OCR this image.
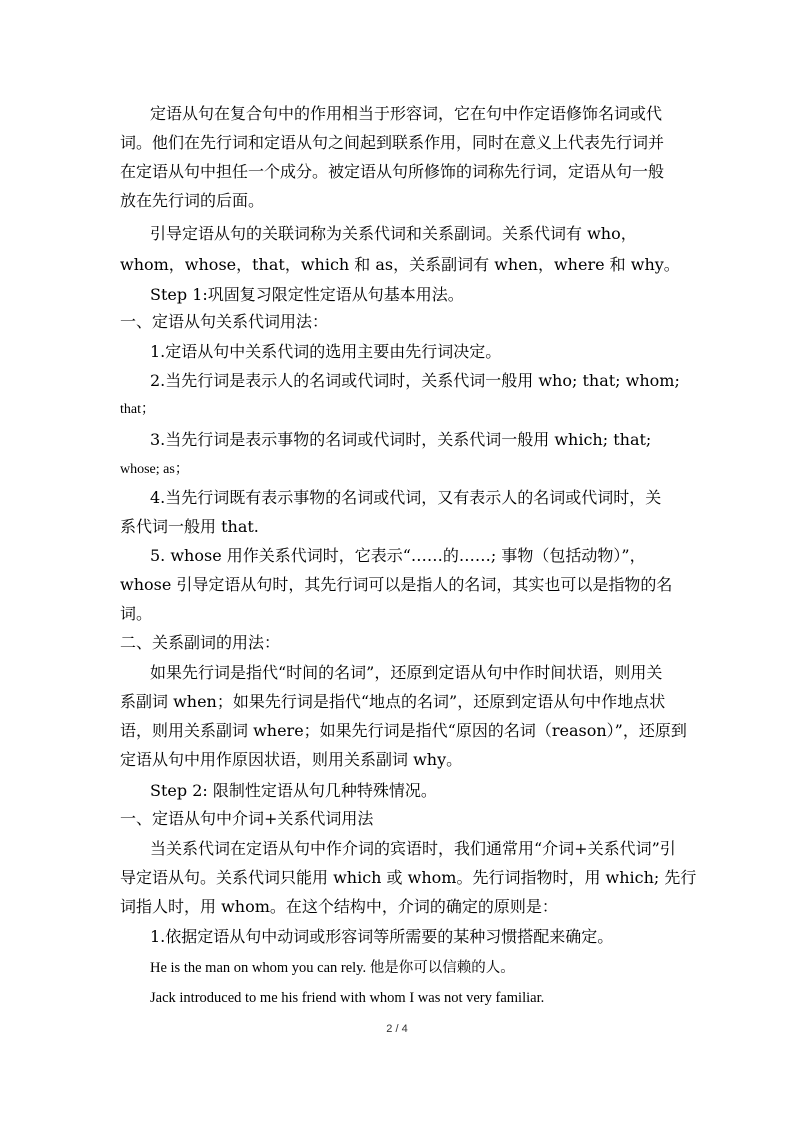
定语从句在复合句中的作用相当于形容词，它在句中作定语修饰名词或代
词。他们在先行词和定语从句之间起到联系作用，同时在意义上代表先行词并
在定语从句中担任一个成分。被定语从句所修饰的词称先行词，定语从句一般
放在先行词的后面。
引导定语从句的关联词称为关系代词和关系副词。关系代词有 who，
whom，whose，that，which 和 as，关系副词有 when，where 和 why。
Step 1:巩固复习限定性定语从句基本用法。
一、定语从句关系代词用法：
1.定语从句中关系代词的选用主要由先行词决定。
2.当先行词是表示人的名词或代词时，关系代词一般用 who; that; whom;
that；
3.当先行词是表示事物的名词或代词时，关系代词一般用 which; that;
whose; as；
4.当先行词既有表示事物的名词或代词，又有表示人的名词或代词时，关
系代词一般用 that.
5. whose 用作关系代词时，它表示“……的……; 事物（包括动物）”，
whose 引导定语从句时，其先行词可以是指人的名词，其实也可以是指物的名
词。
二、关系副词的用法：
如果先行词是指代“时间的名词”，还原到定语从句中作时间状语，则用关
系副词 when；如果先行词是指代“地点的名词”，还原到定语从句中作地点状
语，则用关系副词 where；如果先行词是指代“原因的名词（reason）”，还原到
定语从句中用作原因状语，则用关系副词 why。
Step 2: 限制性定语从句几种特殊情况。
一、定语从句中介词+关系代词用法
当关系代词在定语从句中作介词的宾语时，我们通常用“介词+关系代词”引
导定语从句。关系代词只能用 which 或 whom。先行词指物时，用 which; 先行
词指人时，用 whom。在这个结构中，介词的确定的原则是：
1.依据定语从句中动词或形容词等所需要的某种习惯搭配来确定。
He is the man on whom you can rely. 他是你可以信赖的人。
Jack introduced to me his friend with whom I was not very familiar.
2 / 4
